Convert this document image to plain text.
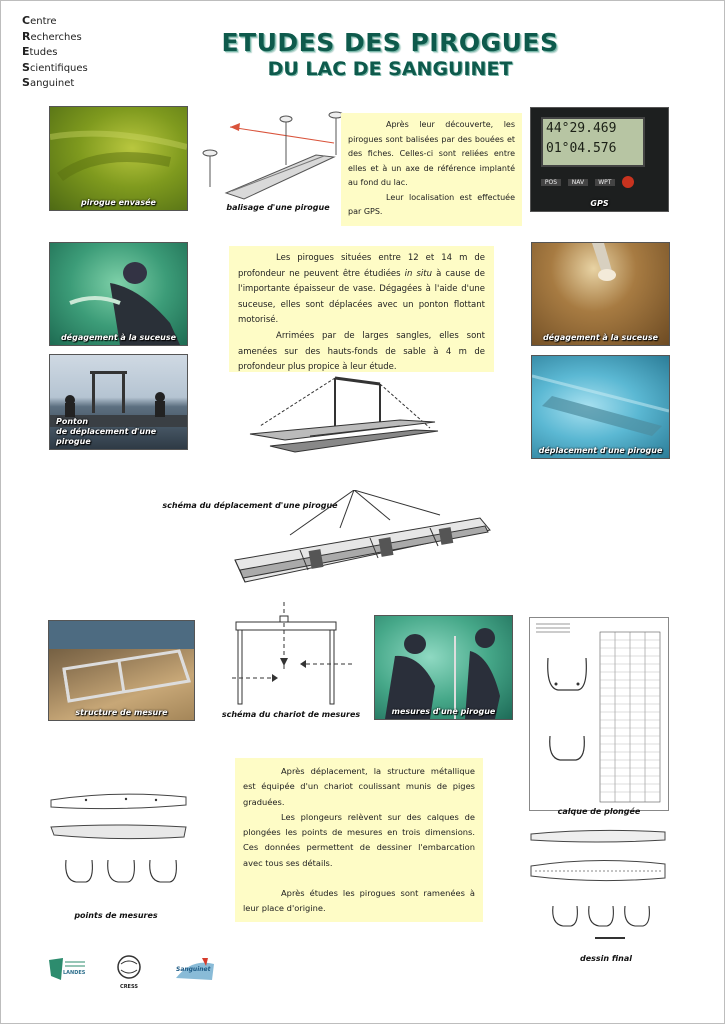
Centre
Recherches
Etudes
Scientifiques
Sanguinet
ETUDES DES PIROGUES
DU LAC DE SANGUINET
pirogue envasée
balisage d'une pirogue

Après leur découverte, les pirogues sont balisées par des bouées et des fiches. Celles-ci sont reliées entre elles et à un axe de référence implanté au fond du lac.

Leur localisation est effectuée par GPS.

44°29.469
01°04.576
POS NAV WPT
GPS
dégagement à la suceuse

Les pirogues situées entre 12 et 14 m de profondeur ne peuvent être étudiées in situ à cause de l'importante épaisseur de vase. Dégagées à l'aide d'une suceuse, elles sont déplacées avec un ponton flottant motorisé.

Arrimées par de larges sangles, elles sont amenées sur des hauts-fonds de sable à 4 m de profondeur plus propice à leur étude.

dégagement à la suceuse
Ponton
de déplacement d'une pirogue
déplacement d'une pirogue
schéma du déplacement d'une pirogue
structure de mesure	schéma du chariot de mesures	mesures d'une pirogue
calque de plongée
points de mesures

Après déplacement, la structure métallique est équipée d'un chariot coulissant munis de piges graduées.

Les plongeurs relèvent sur des calques de plongées les points de mesures en trois dimensions. Ces données permettent de dessiner l'embarcation avec tous ses détails.

Après études les pirogues sont ramenées à leur place d'origine.

dessin final
LANDES
CRESS
Sanguinet
